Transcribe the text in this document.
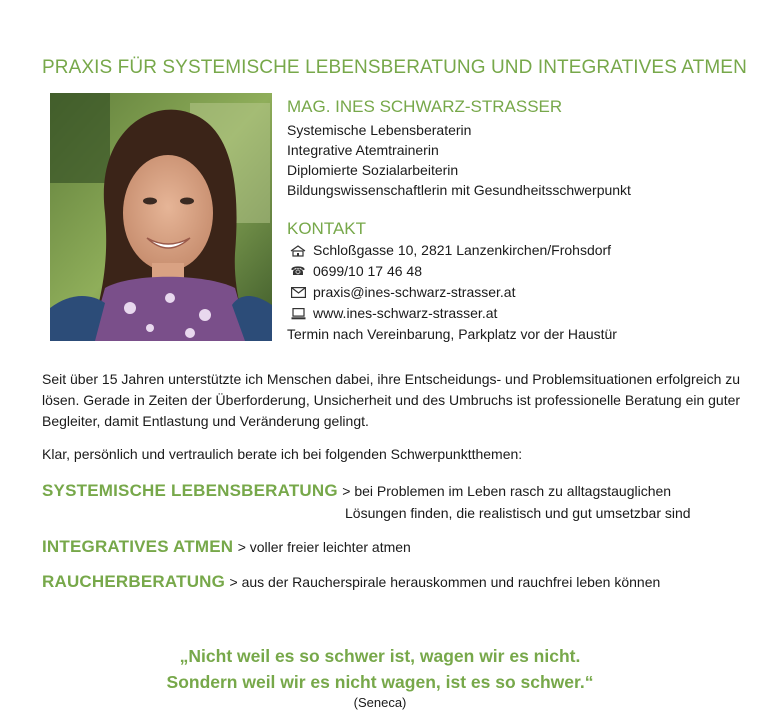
PRAXIS FÜR SYSTEMISCHE LEBENSBERATUNG UND INTEGRATIVES ATMEN
MAG. INES SCHWARZ-STRASSER
Systemische Lebensberaterin
Integrative Atemtrainerin
Diplomierte Sozialarbeiterin
Bildungswissenschaftlerin mit Gesundheitsschwerpunkt
KONTAKT
Schloßgasse 10, 2821 Lanzenkirchen/Frohsdorf
☎ 0699/10 17 46 48
praxis@ines-schwarz-strasser.at
www.ines-schwarz-strasser.at
Termin nach Vereinbarung, Parkplatz vor der Haustür
Seit über 15 Jahren unterstützte ich Menschen dabei, ihre Entscheidungs- und Problemsituationen erfolgreich zu lösen. Gerade in Zeiten der Überforderung, Unsicherheit und des Umbruchs ist professionelle Beratung ein guter Begleiter, damit Entlastung und Veränderung gelingt.
Klar, persönlich und vertraulich berate ich bei folgenden Schwerpunktthemen:
SYSTEMISCHE LEBENSBERATUNG > bei Problemen im Leben rasch zu alltagstauglichen
Lösungen finden, die realistisch und gut umsetzbar sind
INTEGRATIVES ATMEN > voller freier leichter atmen
RAUCHERBERATUNG > aus der Raucherspirale herauskommen und rauchfrei leben können
„Nicht weil es so schwer ist, wagen wir es nicht.
Sondern weil wir es nicht wagen, ist es so schwer.“
(Seneca)
